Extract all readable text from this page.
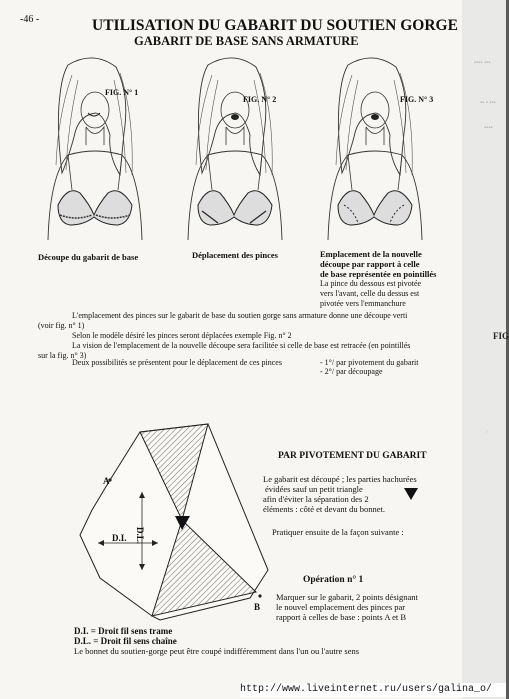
-46 -	UTILISATION DU GABARIT DU SOUTIEN GORGE

GABARIT DE BASE SANS ARMATURE

FIG. N° 1

Découpe du gabarit de base

FIG. N° 2

Déplacement des pinces

FIG. N° 3

Emplacement de la nouvelle
découpe par rapport à celle
de base représentée en pointillés
La pince du dessous est pivotée
vers l'avant, celle du dessus est
pivotée vers l'emmanchure
L'emplacement des pinces sur le gabarit de base du soutien gorge sans armature donne une découpe verti
(voir fig. n° 1)
Selon le modèle désiré les pinces seront déplacées exemple Fig. n° 2
La vision de l'emplacement de la nouvelle découpe sera facilitée si celle de base est retracée (en pointillés
sur la fig. n° 3)
Deux possibilités se présentent pour le déplacement de ces pinces	- 1°/ par pivotement du gabarit
- 2°/ par découpage

D.I. D.L.

A

B

PAR PIVOTEMENT DU GABARIT

Le gabarit est découpé ; les parties hachurées
évidées sauf un petit triangle
afin d'éviter la séparation des 2
éléments : côté et devant du bonnet.

Pratiquer ensuite de la façon suivante :

Opération n° 1

Marquer sur le gabarit, 2 points désignant
le nouvel emplacement des pinces par
rapport à celles de base : points A et B

D.I. = Droit fil sens trame

D.L. = Droit fil sens chaîne

Le bonnet du soutien-gorge peut être coupé indifféremment dans l'un ou l'autre sens

▪▪▪▪ ▪▪▪
▪▪ ▪ ▪▪▪
▪▪▪▪
FIG
/
http://www.liveinternet.ru/users/galina_o/
